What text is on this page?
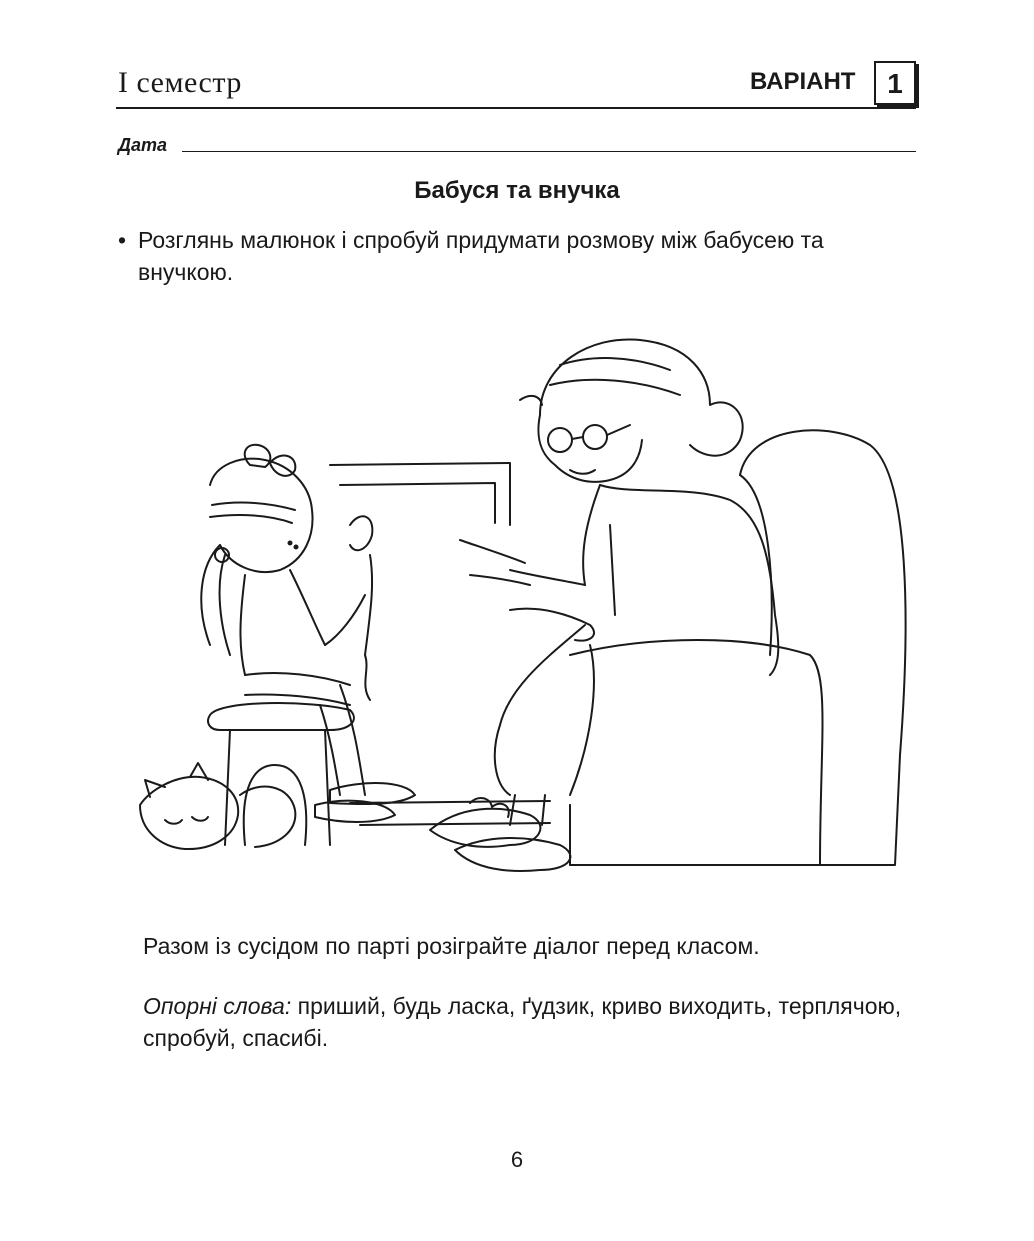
І семестр	ВАРІАНТ	1
Дата
Бабуся та внучка
• Розглянь малюнок і спробуй придумати розмову між бабусею та внучкою.
Разом із сусідом по парті розіграйте діалог перед класом.
Опорні слова: приший, будь ласка, ґудзик, криво виходить, терплячою, спробуй, спасибі.
6
